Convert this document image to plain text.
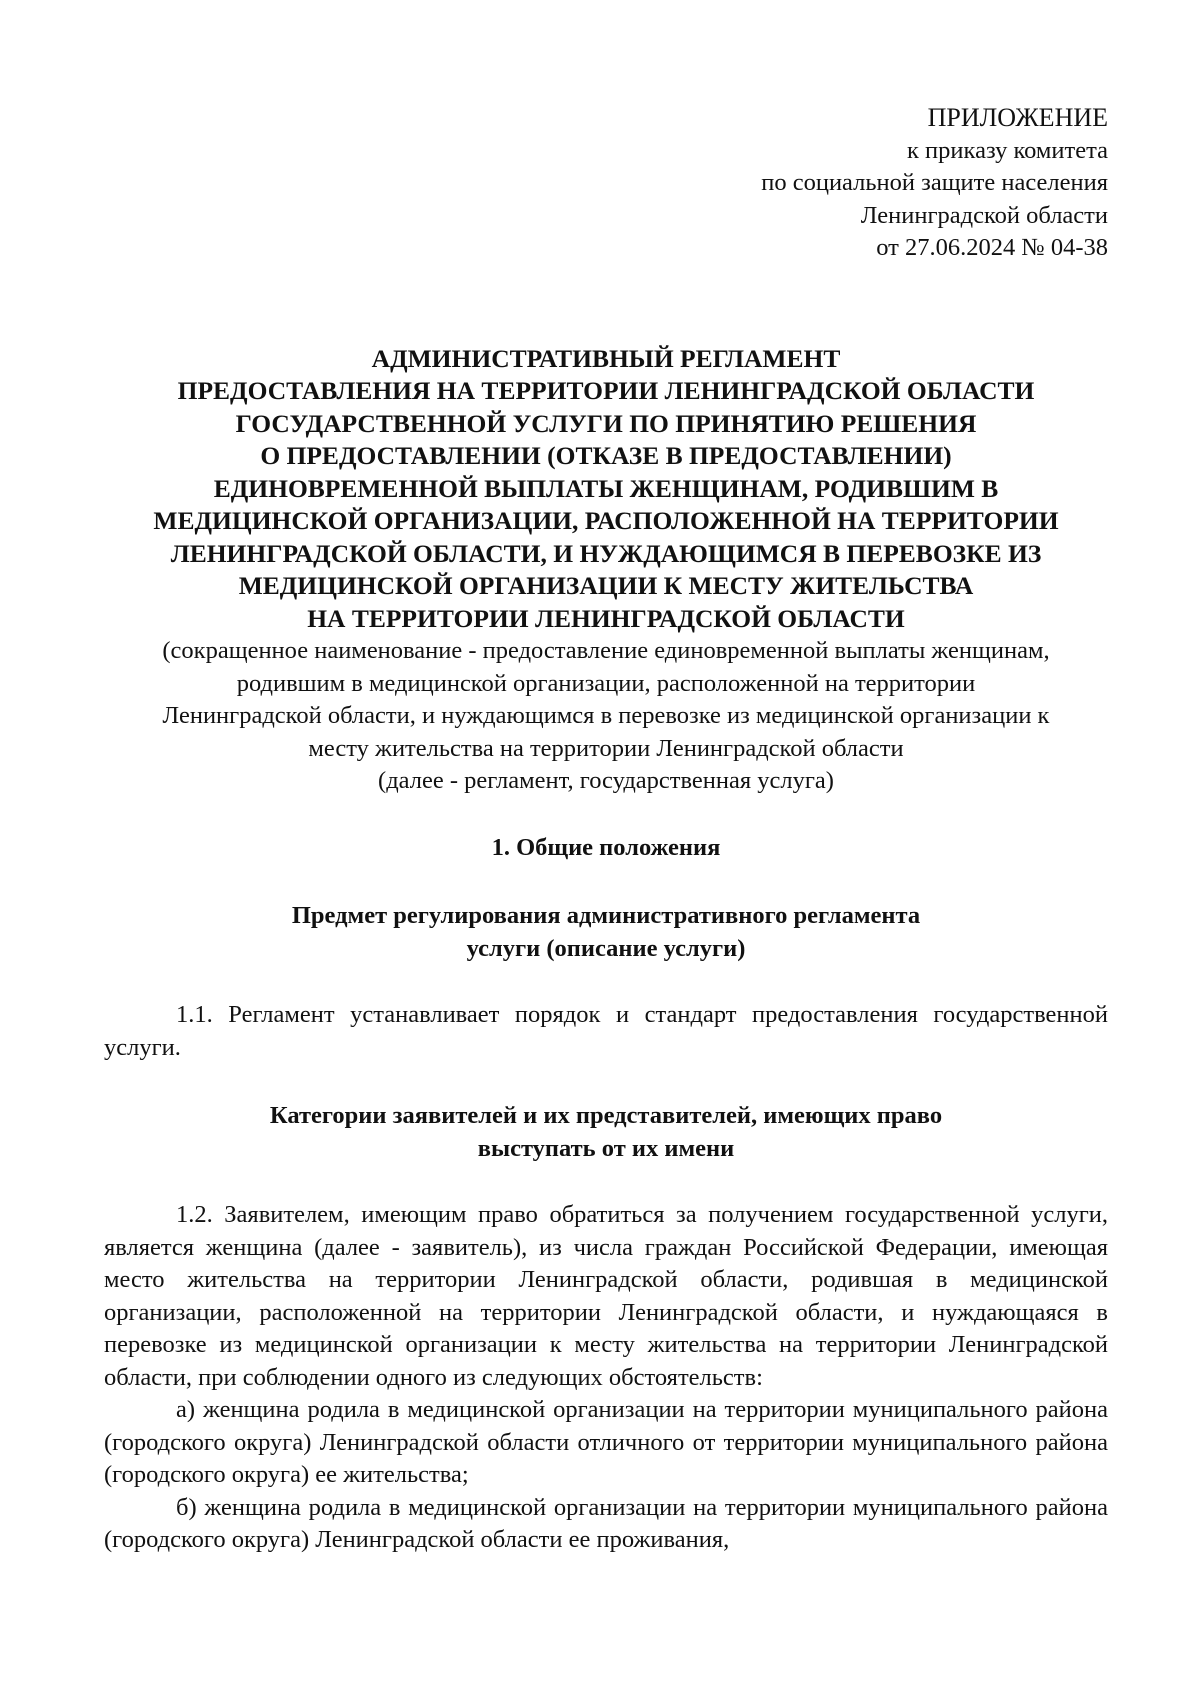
ПРИЛОЖЕНИЕ
к приказу комитета
по социальной защите населения
Ленинградской области
от 27.06.2024 № 04-38
АДМИНИСТРАТИВНЫЙ РЕГЛАМЕНТ
ПРЕДОСТАВЛЕНИЯ НА ТЕРРИТОРИИ ЛЕНИНГРАДСКОЙ ОБЛАСТИ
ГОСУДАРСТВЕННОЙ УСЛУГИ ПО ПРИНЯТИЮ РЕШЕНИЯ
О ПРЕДОСТАВЛЕНИИ (ОТКАЗЕ В ПРЕДОСТАВЛЕНИИ)
ЕДИНОВРЕМЕННОЙ ВЫПЛАТЫ ЖЕНЩИНАМ, РОДИВШИМ В
МЕДИЦИНСКОЙ ОРГАНИЗАЦИИ, РАСПОЛОЖЕННОЙ НА ТЕРРИТОРИИ
ЛЕНИНГРАДСКОЙ ОБЛАСТИ, И НУЖДАЮЩИМСЯ В ПЕРЕВОЗКЕ ИЗ
МЕДИЦИНСКОЙ ОРГАНИЗАЦИИ К МЕСТУ ЖИТЕЛЬСТВА
НА ТЕРРИТОРИИ ЛЕНИНГРАДСКОЙ ОБЛАСТИ
(сокращенное наименование - предоставление единовременной выплаты женщинам,
родившим в медицинской организации, расположенной на территории
Ленинградской области, и нуждающимся в перевозке из медицинской организации к
месту жительства на территории Ленинградской области
(далее - регламент, государственная услуга)
1. Общие положения
Предмет регулирования административного регламента
услуги (описание услуги)
1.1. Регламент устанавливает порядок и стандарт предоставления государственной услуги.
Категории заявителей и их представителей, имеющих право
выступать от их имени
1.2. Заявителем, имеющим право обратиться за получением государственной услуги, является женщина (далее - заявитель), из числа граждан Российской Федерации, имеющая место жительства на территории Ленинградской области, родившая в медицинской организации, расположенной на территории Ленинградской области, и нуждающаяся в перевозке из медицинской организации к месту жительства на территории Ленинградской области, при соблюдении одного из следующих обстоятельств:
а) женщина родила в медицинской организации на территории муниципального района (городского округа) Ленинградской области отличного от территории муниципального района (городского округа) ее жительства;
б) женщина родила в медицинской организации на территории муниципального района (городского округа) Ленинградской области ее проживания,
